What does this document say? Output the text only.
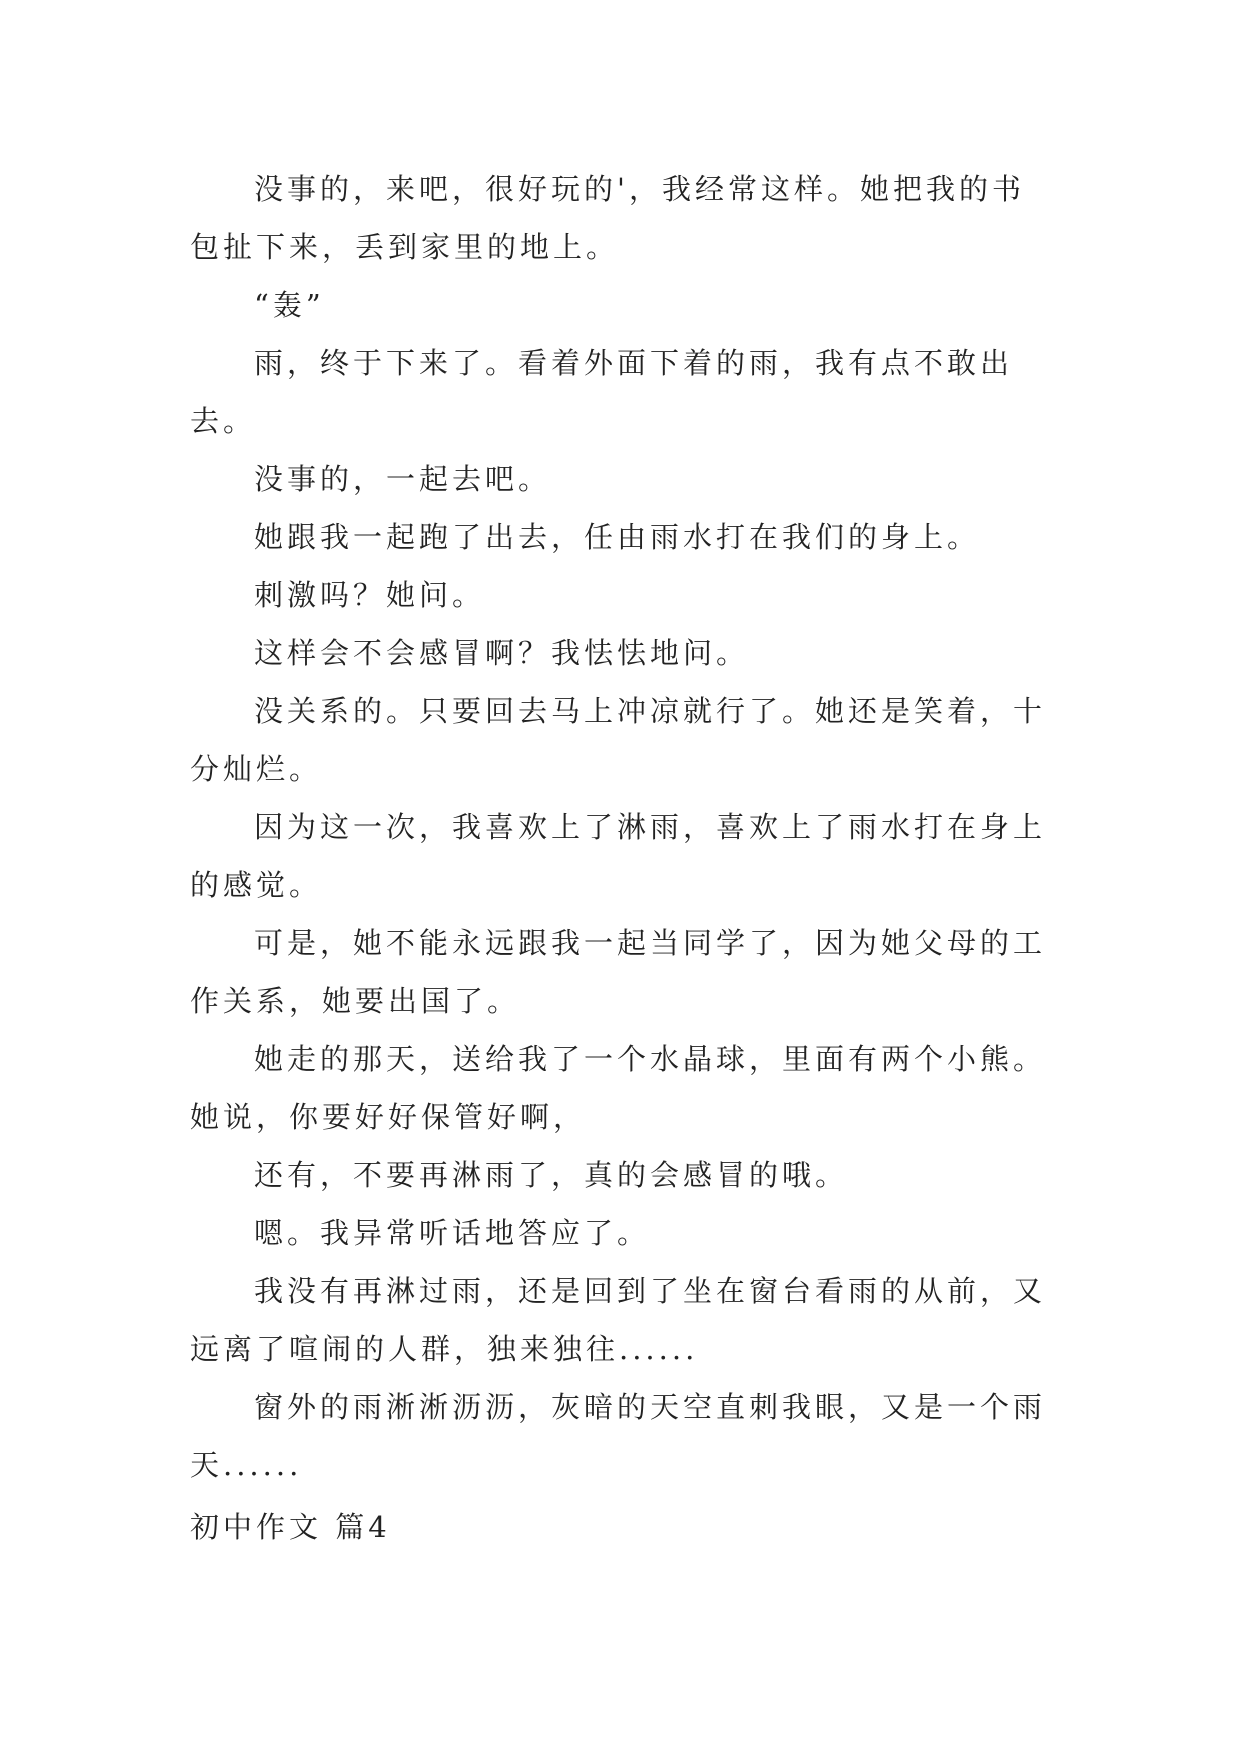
没事的，来吧，很好玩的'，我经常这样。她把我的书包扯下来，丢到家里的地上。

“轰”

雨，终于下来了。看着外面下着的雨，我有点不敢出去。

没事的，一起去吧。

她跟我一起跑了出去，任由雨水打在我们的身上。

刺激吗？她问。

这样会不会感冒啊？我怯怯地问。

没关系的。只要回去马上冲凉就行了。她还是笑着，十分灿烂。

因为这一次，我喜欢上了淋雨，喜欢上了雨水打在身上的感觉。

可是，她不能永远跟我一起当同学了，因为她父母的工作关系，她要出国了。

她走的那天，送给我了一个水晶球，里面有两个小熊。她说，你要好好保管好啊，

还有，不要再淋雨了，真的会感冒的哦。

嗯。我异常听话地答应了。

我没有再淋过雨，还是回到了坐在窗台看雨的从前，又远离了喧闹的人群，独来独往......

窗外的雨淅淅沥沥，灰暗的天空直刺我眼，又是一个雨天......

初中作文 篇4
